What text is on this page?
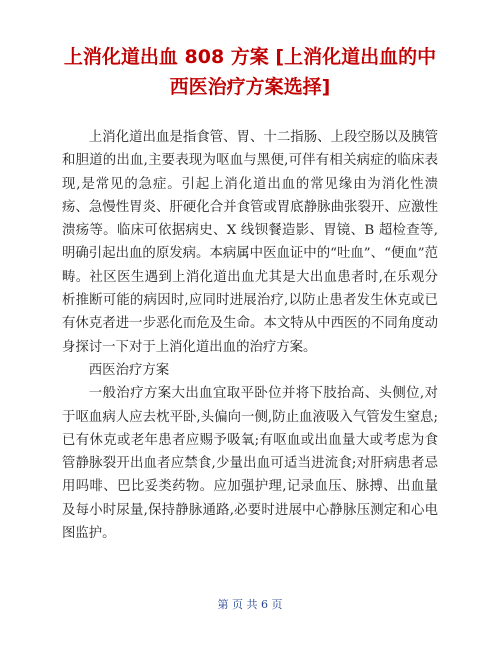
上消化道出血 808 方案 [上消化道出血的中西医治疗方案选择]

上消化道出血是指食管、胃、十二指肠、上段空肠以及胰管和胆道的出血,主要表现为呕血与黑便,可伴有相关病症的临床表现,是常见的急症。引起上消化道出血的常见缘由为消化性溃疡、急慢性胃炎、肝硬化合并食管或胃底静脉曲张裂开、应激性溃疡等。临床可依据病史、X 线钡餐造影、胃镜、B 超检查等,明确引起出血的原发病。本病属中医血证中的“吐血”、“便血”范畴。社区医生遇到上消化道出血尤其是大出血患者时,在乐观分析推断可能的病因时,应同时进展治疗,以防止患者发生休克或已有休克者进一步恶化而危及生命。本文特从中西医的不同角度动身探讨一下对于上消化道出血的治疗方案。

西医治疗方案

一般治疗方案大出血宜取平卧位并将下肢抬高、头侧位,对于呕血病人应去枕平卧,头偏向一侧,防止血液吸入气管发生窒息;已有休克或老年患者应赐予吸氧;有呕血或出血量大或考虑为食管静脉裂开出血者应禁食,少量出血可适当进流食;对肝病患者忌用吗啡、巴比妥类药物。应加强护理,记录血压、脉搏、出血量及每小时尿量,保持静脉通路,必要时进展中心静脉压测定和心电图监护。

第 页 共 6 页
